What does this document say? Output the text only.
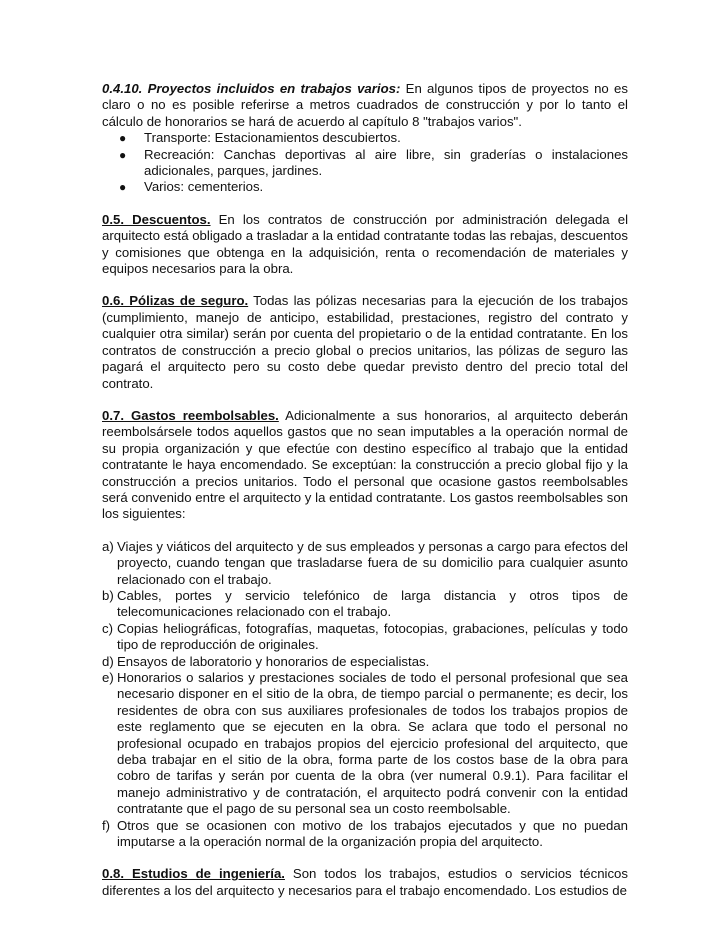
0.4.10. Proyectos incluidos en trabajos varios: En algunos tipos de proyectos no es claro o no es posible referirse a metros cuadrados de construcción y por lo tanto el cálculo de honorarios se hará de acuerdo al capítulo 8 "trabajos varios".

● Transporte: Estacionamientos descubiertos.
● Recreación: Canchas deportivas al aire libre, sin graderías o instalaciones adicionales, parques, jardines.
● Varios: cementerios.

0.5. Descuentos. En los contratos de construcción por administración delegada el arquitecto está obligado a trasladar a la entidad contratante todas las rebajas, descuentos y comisiones que obtenga en la adquisición, renta o recomendación de materiales y equipos necesarios para la obra.

0.6. Pólizas de seguro. Todas las pólizas necesarias para la ejecución de los trabajos (cumplimiento, manejo de anticipo, estabilidad, prestaciones, registro del contrato y cualquier otra similar) serán por cuenta del propietario o de la entidad contratante. En los contratos de construcción a precio global o precios unitarios, las pólizas de seguro las pagará el arquitecto pero su costo debe quedar previsto dentro del precio total del contrato.

0.7. Gastos reembolsables. Adicionalmente a sus honorarios, al arquitecto deberán reembolsársele todos aquellos gastos que no sean imputables a la operación normal de su propia organización y que efectúe con destino específico al trabajo que la entidad contratante le haya encomendado. Se exceptúan: la construcción a precio global fijo y la construcción a precios unitarios. Todo el personal que ocasione gastos reembolsables será convenido entre el arquitecto y la entidad contratante. Los gastos reembolsables son los siguientes:

a) Viajes y viáticos del arquitecto y de sus empleados y personas a cargo para efectos del proyecto, cuando tengan que trasladarse fuera de su domicilio para cualquier asunto relacionado con el trabajo.
b) Cables, portes y servicio telefónico de larga distancia y otros tipos de telecomunicaciones relacionado con el trabajo.
c) Copias heliográficas, fotografías, maquetas, fotocopias, grabaciones, películas y todo tipo de reproducción de originales.
d) Ensayos de laboratorio y honorarios de especialistas.
e) Honorarios o salarios y prestaciones sociales de todo el personal profesional que sea necesario disponer en el sitio de la obra, de tiempo parcial o permanente; es decir, los residentes de obra con sus auxiliares profesionales de todos los trabajos propios de este reglamento que se ejecuten en la obra. Se aclara que todo el personal no profesional ocupado en trabajos propios del ejercicio profesional del arquitecto, que deba trabajar en el sitio de la obra, forma parte de los costos base de la obra para cobro de tarifas y serán por cuenta de la obra (ver numeral 0.9.1). Para facilitar el manejo administrativo y de contratación, el arquitecto podrá convenir con la entidad contratante que el pago de su personal sea un costo reembolsable.
f) Otros que se ocasionen con motivo de los trabajos ejecutados y que no puedan imputarse a la operación normal de la organización propia del arquitecto.

0.8. Estudios de ingeniería. Son todos los trabajos, estudios o servicios técnicos diferentes a los del arquitecto y necesarios para el trabajo encomendado. Los estudios de
